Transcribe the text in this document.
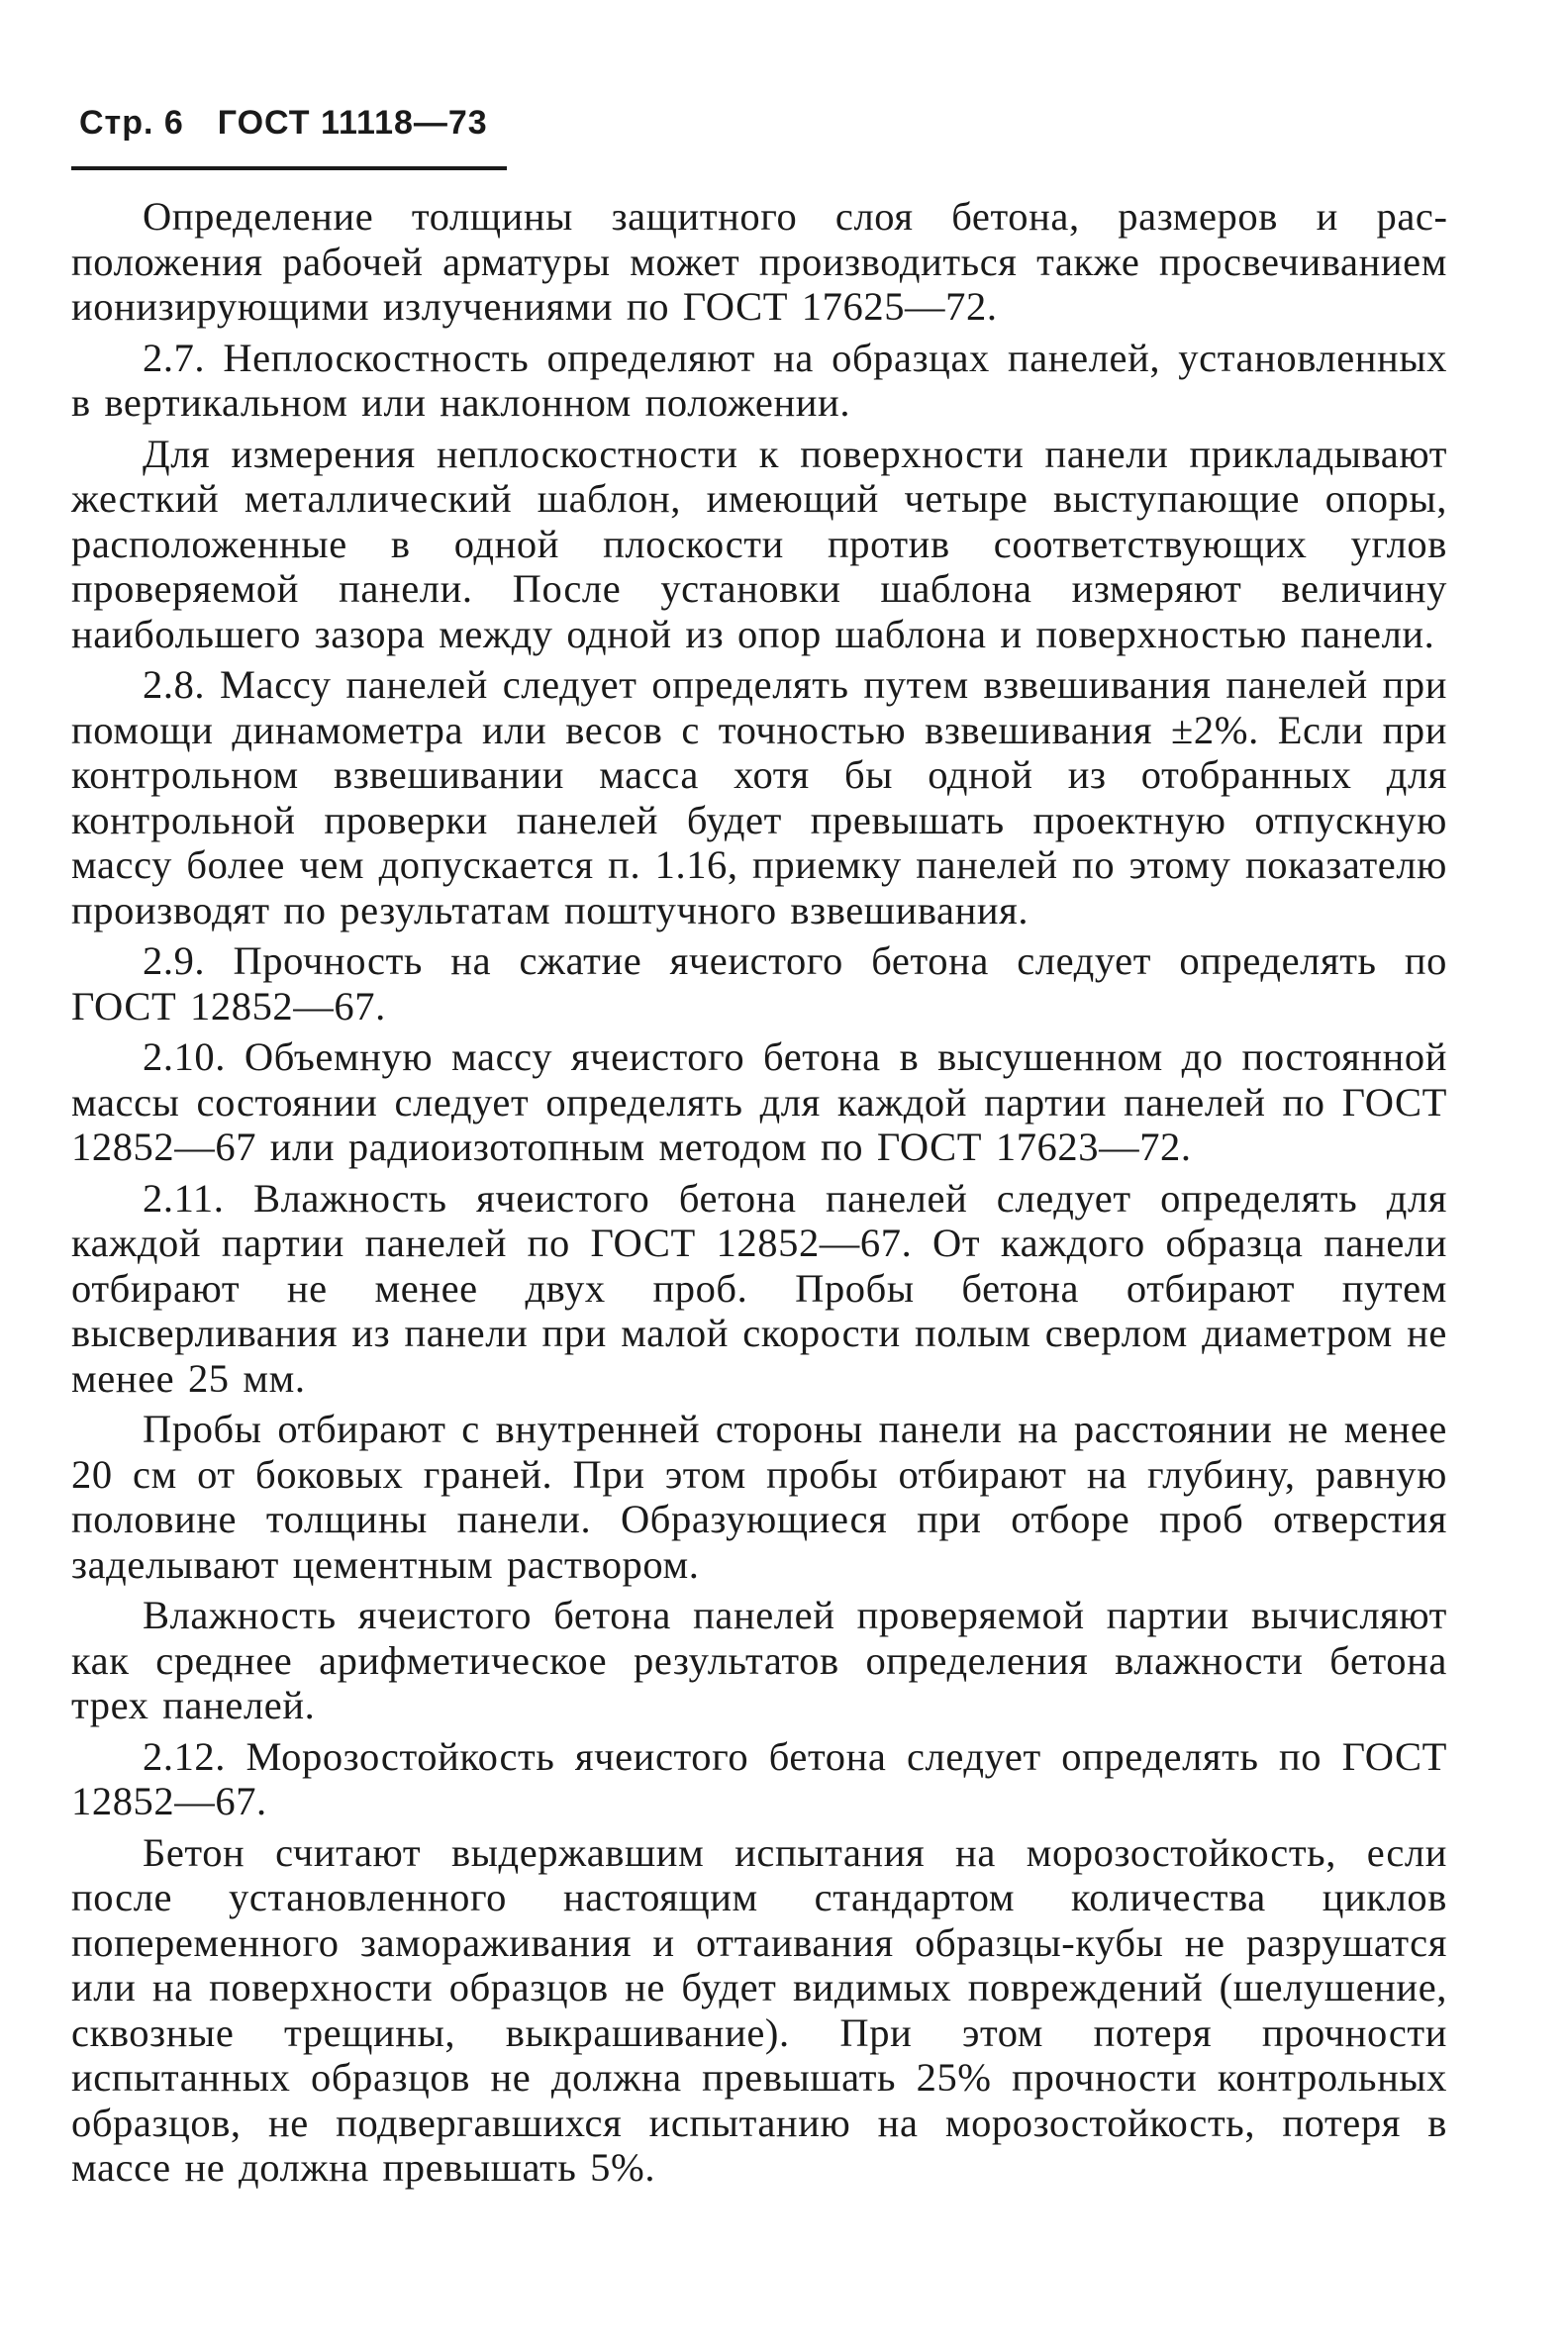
Стр. 6 ГОСТ 11118—73

Определение толщины защитного слоя бетона, размеров и расположения рабочей арматуры может производиться также просвечиванием ионизирующими излучениями по ГОСТ 17625—72.

2.7. Неплоскостность определяют на образцах панелей, установленных в вертикальном или наклонном положении.

Для измерения неплоскостности к поверхности панели прикладывают жесткий металлический шаблон, имеющий четыре выступающие опоры, расположенные в одной плоскости против соответствующих углов проверяемой панели. После установки шаблона измеряют величину наибольшего зазора между одной из опор шаблона и поверхностью панели.

2.8. Массу панелей следует определять путем взвешивания панелей при помощи динамометра или весов с точностью взвешивания ±2%. Если при контрольном взвешивании масса хотя бы одной из отобранных для контрольной проверки панелей будет превышать проектную отпускную массу более чем допускается п. 1.16, приемку панелей по этому показателю производят по результатам поштучного взвешивания.

2.9. Прочность на сжатие ячеистого бетона следует определять по ГОСТ 12852—67.

2.10. Объемную массу ячеистого бетона в высушенном до постоянной массы состоянии следует определять для каждой партии панелей по ГОСТ 12852—67 или радиоизотопным методом по ГОСТ 17623—72.

2.11. Влажность ячеистого бетона панелей следует определять для каждой партии панелей по ГОСТ 12852—67. От каждого образца панели отбирают не менее двух проб. Пробы бетона отбирают путем высверливания из панели при малой скорости полым сверлом диаметром не менее 25 мм.

Пробы отбирают с внутренней стороны панели на расстоянии не менее 20 см от боковых граней. При этом пробы отбирают на глубину, равную половине толщины панели. Образующиеся при отборе проб отверстия заделывают цементным раствором.

Влажность ячеистого бетона панелей проверяемой партии вычисляют как среднее арифметическое результатов определения влажности бетона трех панелей.

2.12. Морозостойкость ячеистого бетона следует определять по ГОСТ 12852—67.

Бетон считают выдержавшим испытания на морозостойкость, если после установленного настоящим стандартом количества циклов попеременного замораживания и оттаивания образцы-кубы не разрушатся или на поверхности образцов не будет видимых повреждений (шелушение, сквозные трещины, выкрашивание). При этом потеря прочности испытанных образцов не должна превышать 25% прочности контрольных образцов, не подвергавшихся испытанию на морозостойкость, потеря в массе не должна превышать 5%.
